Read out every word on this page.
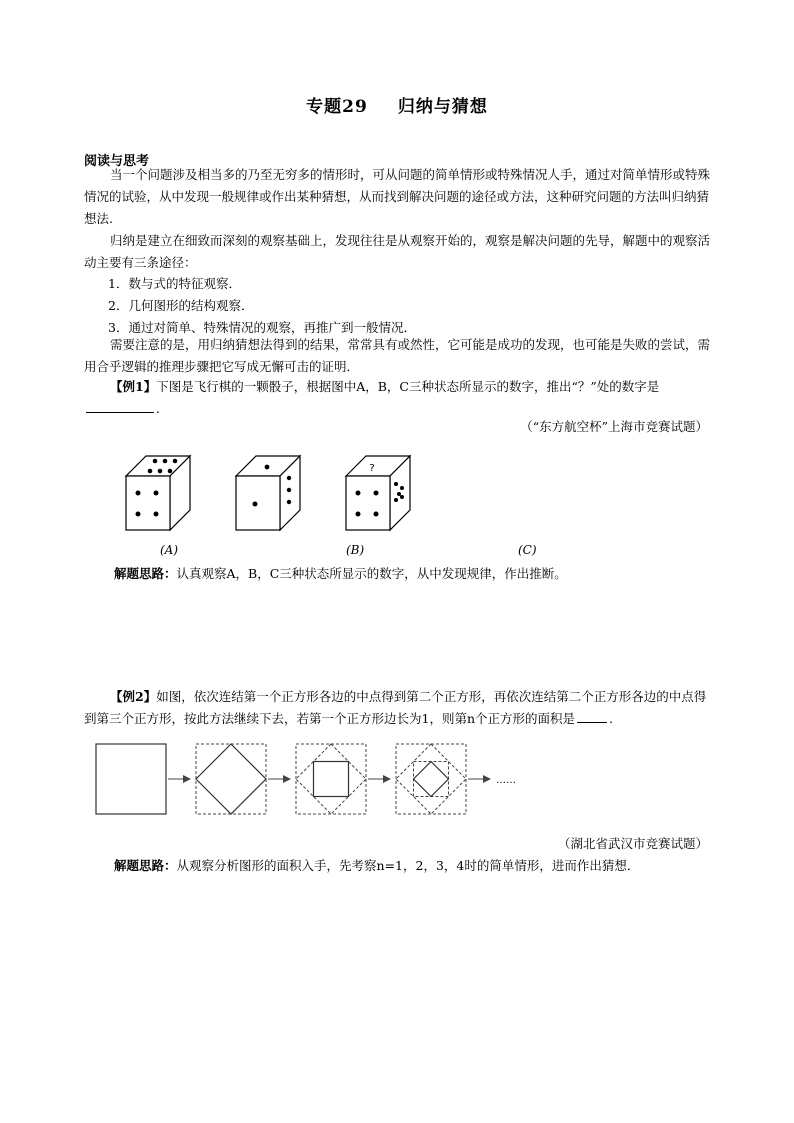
专题29 归纳与猜想
阅读与思考
当一个问题涉及相当多的乃至无穷多的情形时，可从问题的简单情形或特殊情况人手，通过对简单情形或特殊情况的试验，从中发现一般规律或作出某种猜想，从而找到解决问题的途径或方法，这种研究问题的方法叫归纳猜想法.
归纳是建立在细致而深刻的观察基础上，发现往往是从观察开始的，观察是解决问题的先导，解题中的观察活动主要有三条途径：
1．数与式的特征观察．
2．几何图形的结构观察．
3．通过对简单、特殊情况的观察，再推广到一般情况．
需要注意的是，用归纳猜想法得到的结果，常常具有或然性，它可能是成功的发现，也可能是失败的尝试，需用合乎逻辑的推理步骤把它写成无懈可击的证明．
【例1】下图是飞行棋的一颗骰子，根据图中A，B，C三种状态所显示的数字，推出“？”处的数字是.
（“东方航空杯”上海市竞赛试题）
(A)	(B)
?
(C)
解题思路：认真观察A，B，C三种状态所显示的数字，从中发现规律，作出推断。
【例2】如图，依次连结第一个正方形各边的中点得到第二个正方形，再依次连结第二个正方形各边的中点得到第三个正方形，按此方法继续下去，若第一个正方形边长为1，则第n个正方形的面积是	.
……
（湖北省武汉市竞赛试题）
解题思路：从观察分析图形的面积入手，先考察n=1，2，3，4时的简单情形，进而作出猜想．
